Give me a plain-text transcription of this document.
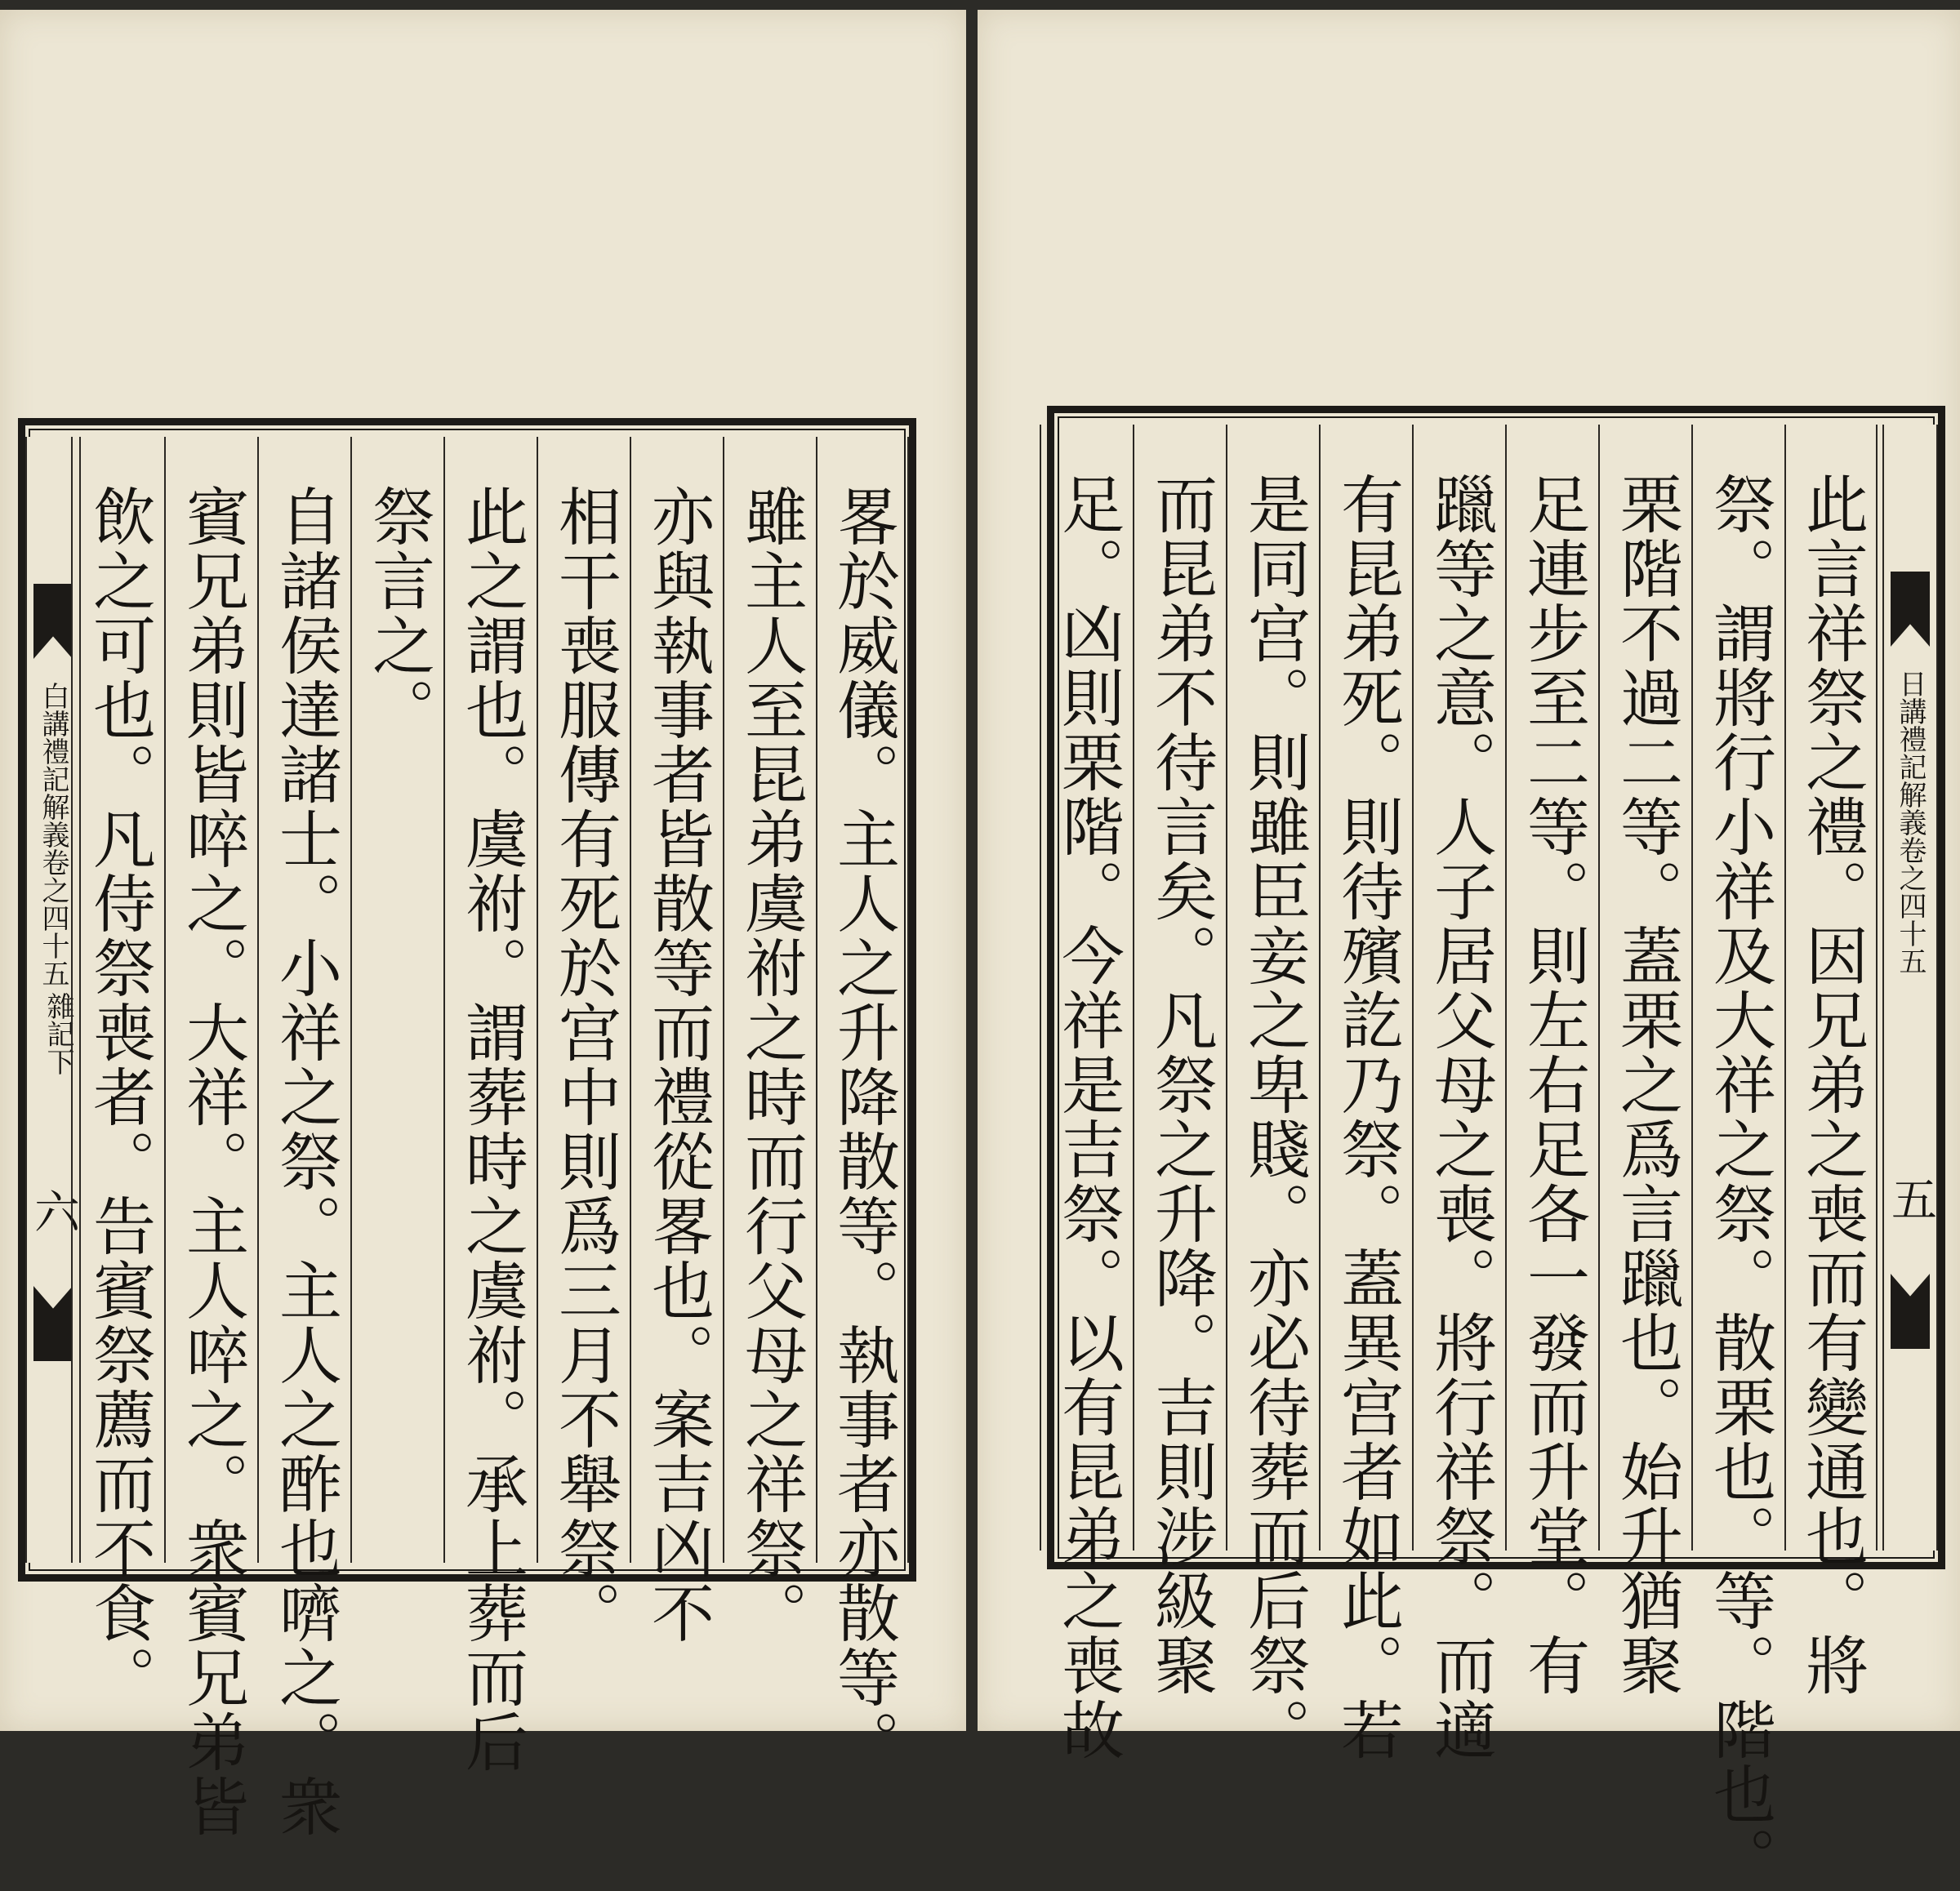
白講禮記解義卷之四十五
雜記下
六	畧於威儀。主人之升降散等。執事者亦散等。
雖主人至昆弟虞祔之時而行父母之祥祭。
亦與執事者皆散等而禮從畧也。案吉凶不
相干喪服傳有死於宫中則爲三月不舉祭。
此之謂也。虞祔。謂葬時之虞祔。承上葬而后
祭言之。
自諸侯達諸士。小祥之祭。主人之酢也嚌之。衆
賓兄弟則皆啐之。大祥。主人啐之。衆賓兄弟皆
飲之可也。凡侍祭喪者。告賓祭薦而不食。	日講禮記解義卷之四十五
五
此言祥祭之禮。因兄弟之喪而有變通也。將
祭。謂將行小祥及大祥之祭。散栗也。等。階也。
栗階不過二等。蓋栗之爲言躐也。始升猶聚
足連步至二等。則左右足各一發而升堂。有
躐等之意。人子居父母之喪。將行祥祭。而適
有昆弟死。則待殯訖乃祭。蓋異宫者如此。若
是同宫。則雖臣妾之卑賤。亦必待葬而后祭。
而昆弟不待言矣。凡祭之升降。吉則涉級聚
足。凶則栗階。今祥是吉祭。以有昆弟之喪故
